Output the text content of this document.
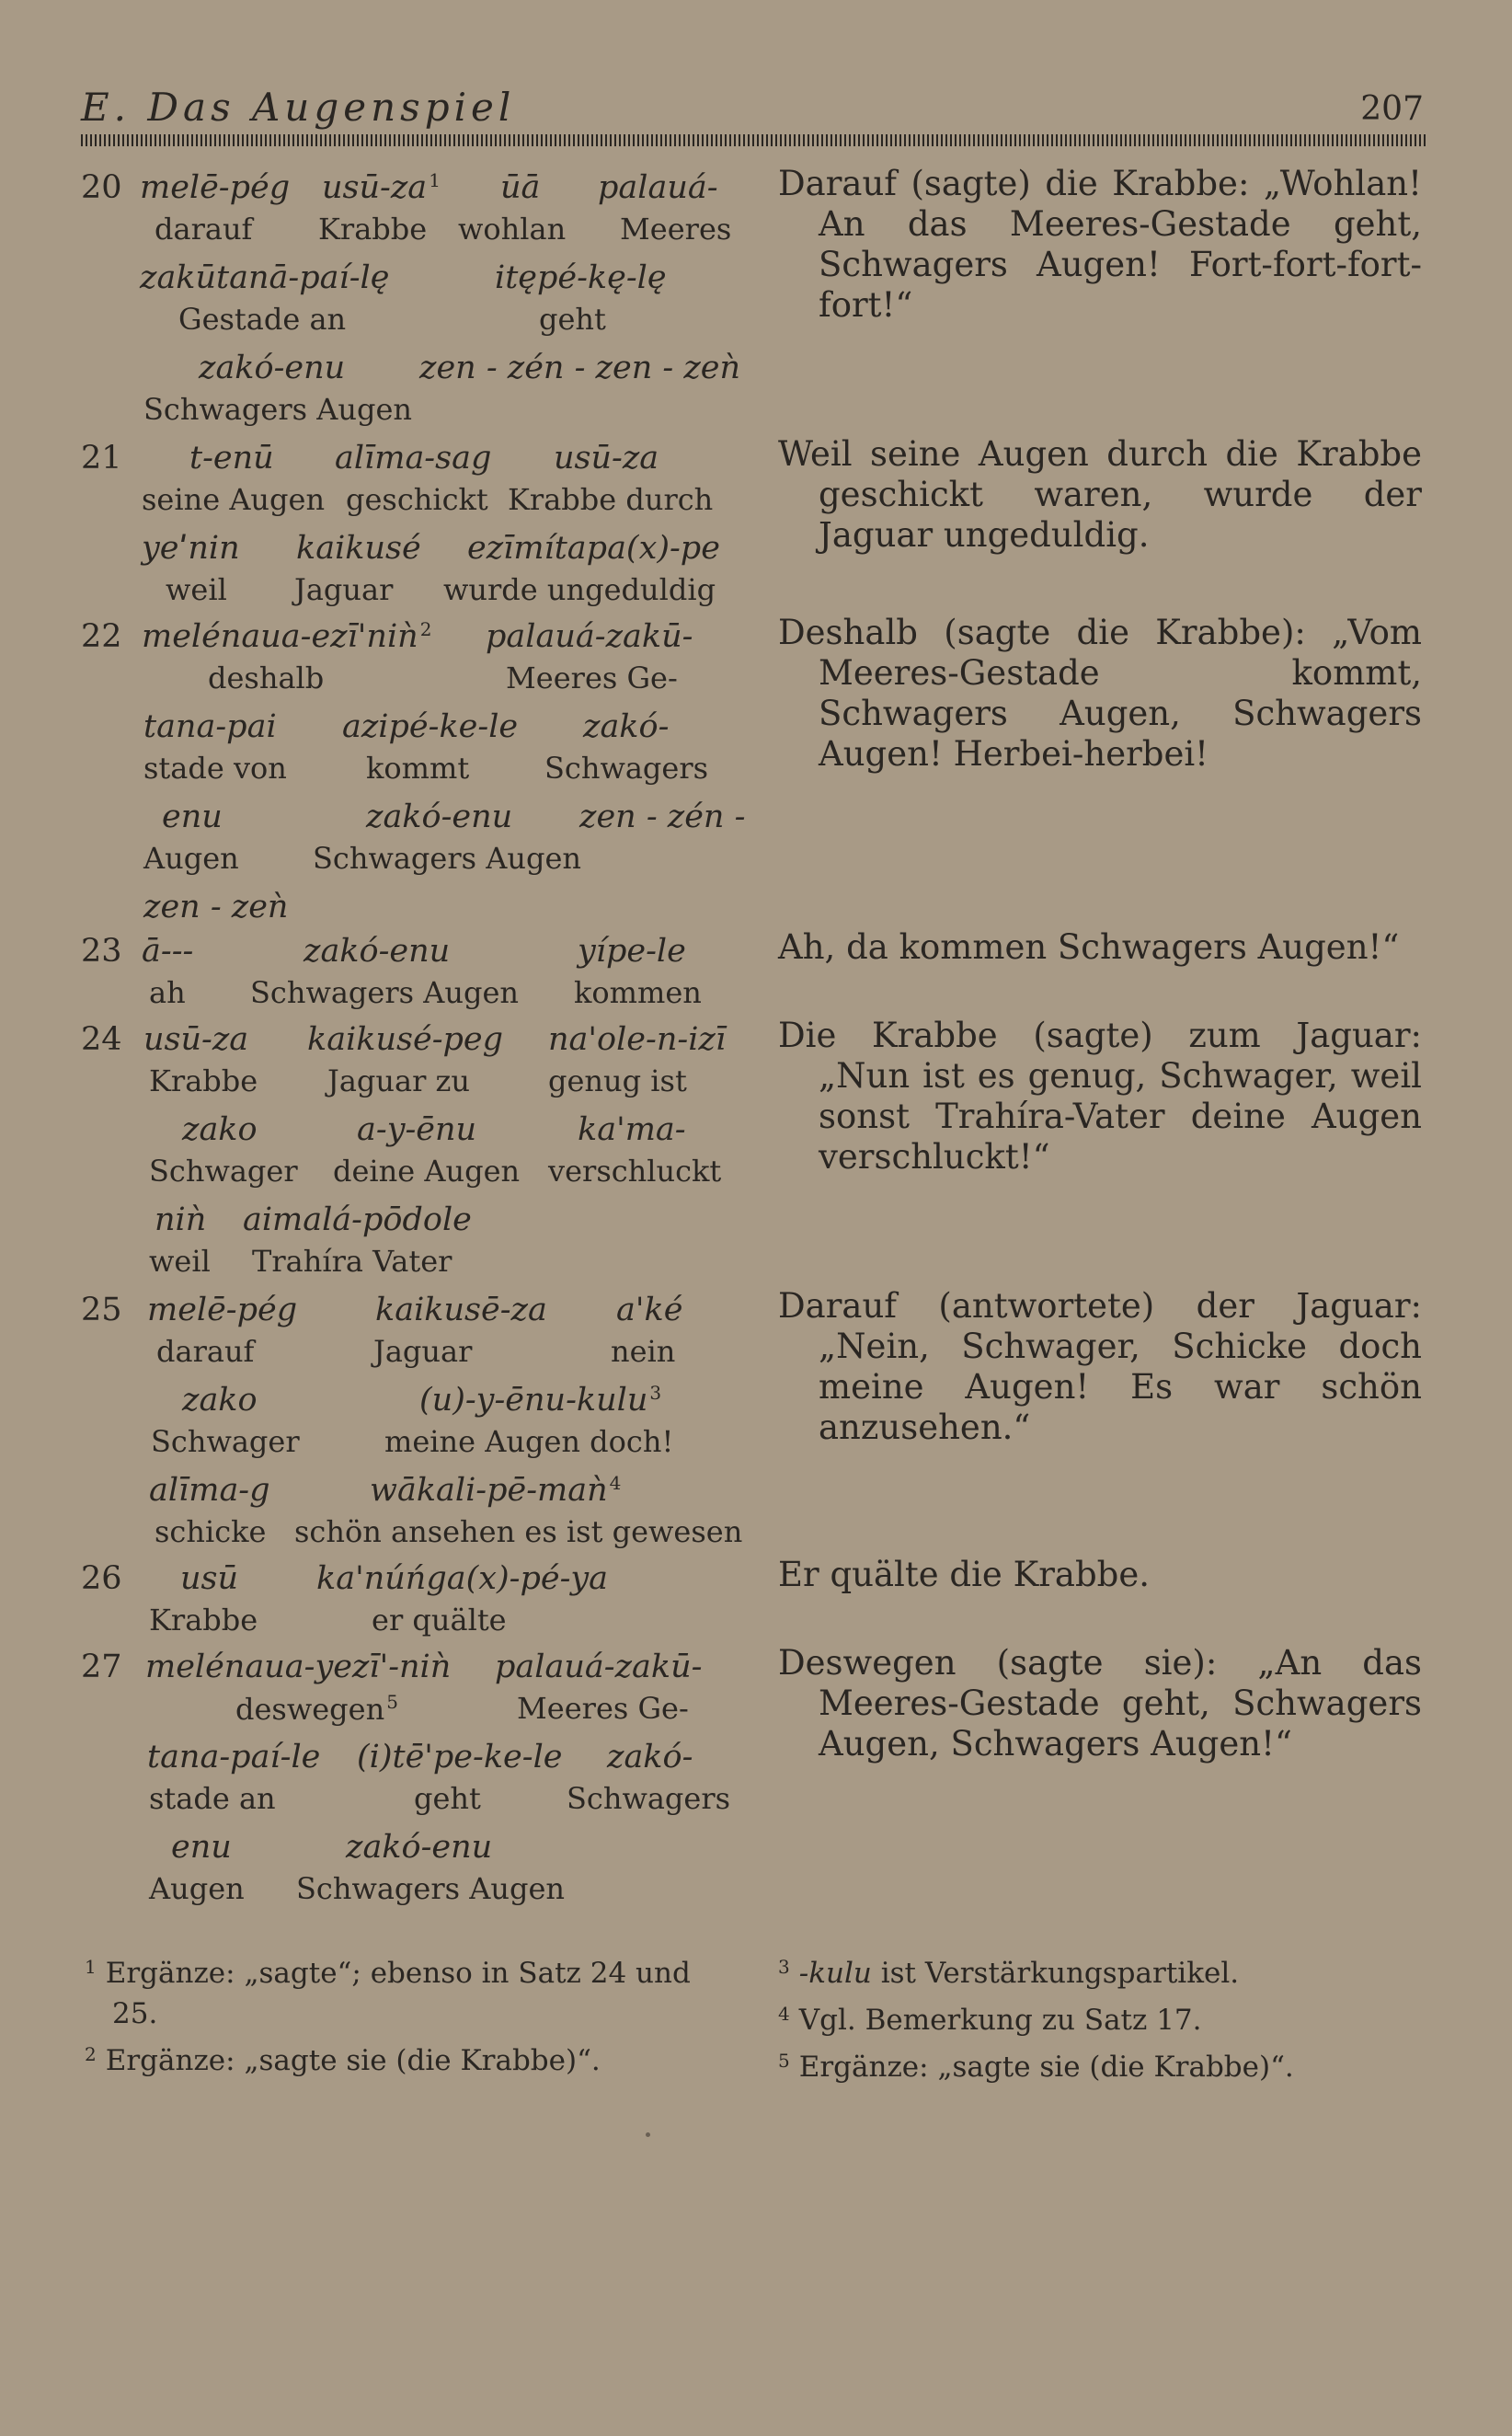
E. Das Augenspiel	207
20 melē-pég
darauf
usū-za $^1$
Krabbe
ūā
wohlan
palauá-
Meeres
zakūtanā-paí-lę
Gestade an
itępé-kę-lę
geht
zakó-enu
Schwagers Augen
zen - zén - zen - zeǹ
Darauf (sagte) die Krabbe: „Wohlan! An das Meeres-Gestade geht, Schwagers Augen! Fort-fort-fort-fort!“
21 t-enū
seine Augen
alīma-sag
geschickt
usū-za
Krabbe durch
yeˈnin
weil
kaikusé
Jaguar
ezīmítapa(x)-pe
wurde ungeduldig
Weil seine Augen durch die Krabbe geschickt waren, wurde der Jaguar ungeduldig.
22 melénaua-ezī'niǹ $^2$
deshalb
palauá-zakū-
Meeres Ge-
tana-pai
stade von
azipé-ke-le
kommt
zakó-
Schwagers
enu
Augen
zakó-enu
Schwagers Augen
zen - zén -
zen - zeǹ
Deshalb (sagte die Krabbe): „Vom Meeres-Gestade kommt, Schwagers Augen, Schwagers Augen! Herbei-herbei!
23 ā---
ah
zakó-enu
Schwagers Augen
yípe-le
kommen
Ah, da kommen Schwagers Augen!“
24 usū-za
Krabbe
kaikusé-peg
Jaguar zu
na'ole-n-izī
genug ist
zako
Schwager
a-y-ēnu
deine Augen
ka'ma-
verschluckt
niǹ
weil
aimalá-pōdole
Trahíra Vater
Die Krabbe (sagte) zum Jaguar: „Nun ist es genug, Schwager, weil sonst Trahíra-Vater deine Augen verschluckt!“
25 melē-pég
darauf
kaikusē-za
Jaguar
a'ké
nein
zako
Schwager
(u)-y-ēnu-kulu $^3$
meine Augen doch!
alīma-g
schicke
wākali-pē-maǹ $^4$
schön ansehen es ist gewesen
Darauf (antwortete) der Jaguar: „Nein, Schwager, Schicke doch meine Augen! Es war schön anzusehen.“
26 usū
Krabbe
ka'núńga(x)-pé-ya
er quälte
Er quälte die Krabbe.
27 melénaua-yezī'-niǹ
deswegen $^5$
palauá-zakū-
Meeres Ge-
tana-paí-le
stade an
(i)tē'pe-ke-le
geht
zakó-
Schwagers
enu
Augen
zakó-enu
Schwagers Augen
Deswegen (sagte sie): „An das Meeres-Gestade geht, Schwagers Augen, Schwagers Augen!“
$^1$ Ergänze: „sagte“; ebenso in Satz 24 und 25.
$^2$ Ergänze: „sagte sie (die Krabbe)“.
$^3$ -kulu ist Verstärkungspartikel.
$^4$ Vgl. Bemerkung zu Satz 17.
$^5$ Ergänze: „sagte sie (die Krabbe)“.
